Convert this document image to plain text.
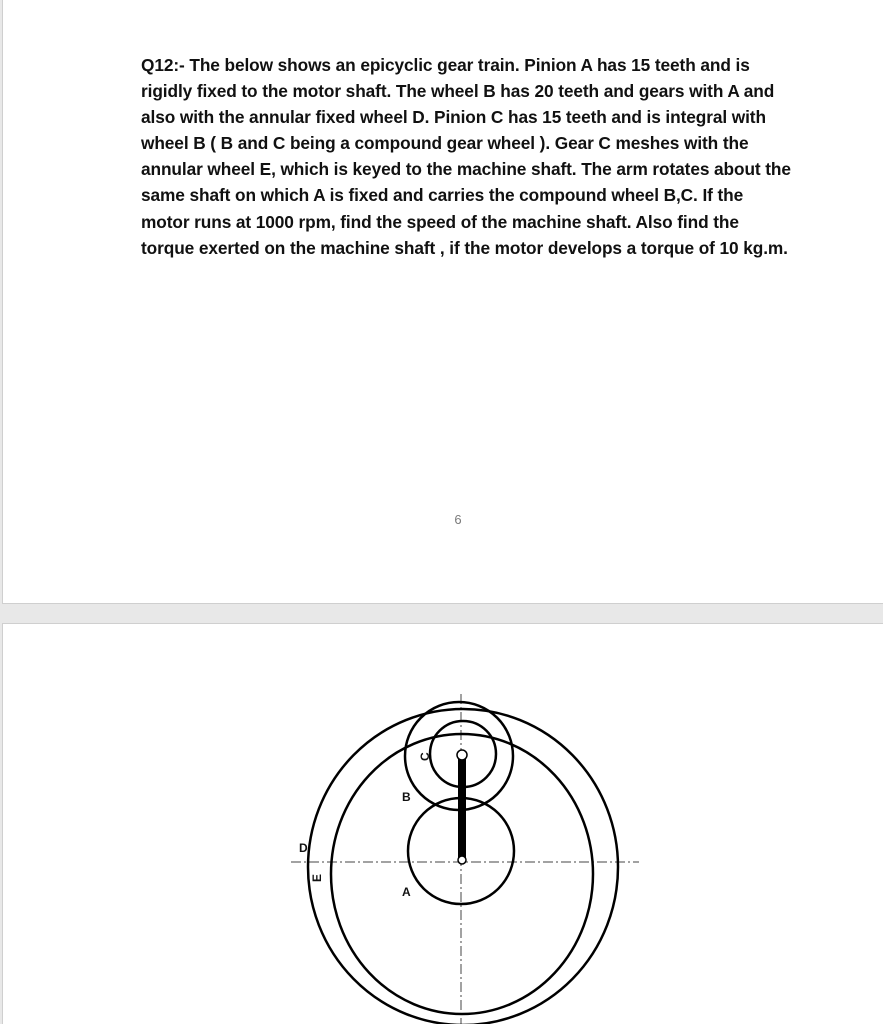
Q12:- The below shows an epicyclic gear train. Pinion A has 15 teeth and is rigidly fixed to the motor shaft. The wheel B has 20 teeth and gears with A and also with the annular fixed wheel D. Pinion C has 15 teeth and is integral with wheel B ( B and C being a compound gear wheel ). Gear C meshes with the annular wheel E, which is keyed to the machine shaft. The arm rotates about the same shaft on which A is fixed and carries the compound wheel B,C. If the motor runs at 1000 rpm, find the speed of the machine shaft. Also find the torque exerted on the machine shaft , if the motor develops a torque of 10 kg.m.

6
C
B
D
E
A
